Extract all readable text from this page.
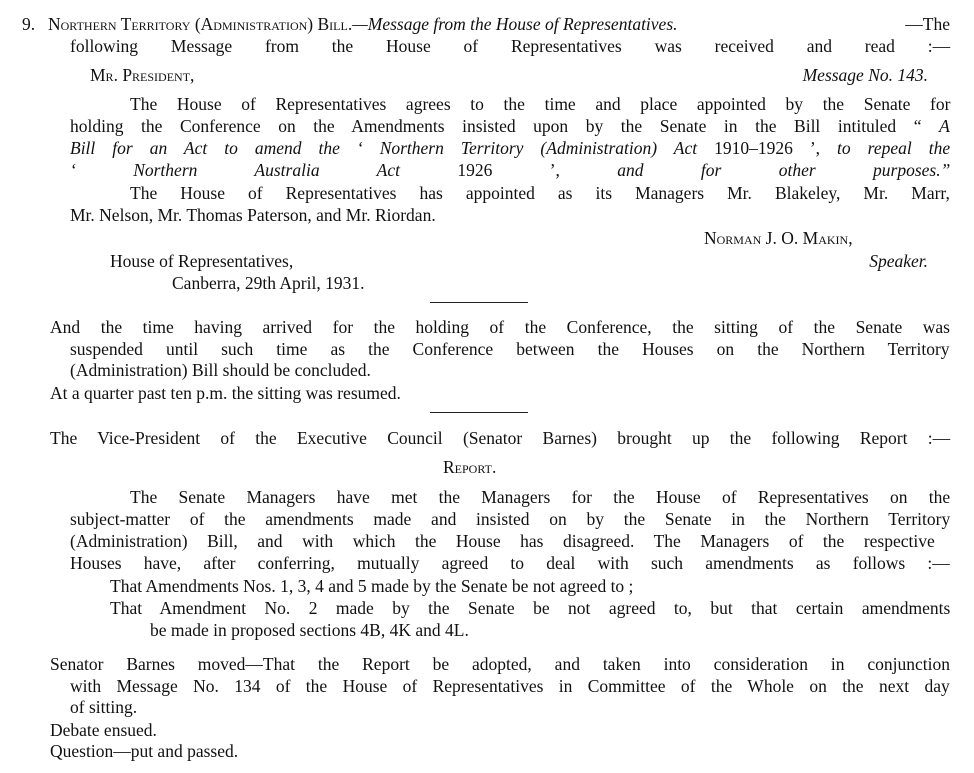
9. Northern Territory (Administration) Bill.—Message from the House of Representatives.	—The
following Message from the House of Representatives was received and read :—
Mr. President,	Message No. 143.
The House of Representatives agrees to the time and place appointed by the Senate for
holding the Conference on the Amendments insisted upon by the Senate in the Bill intituled “ A
Bill for an Act to amend the ‘ Northern Territory (Administration) Act 1910–1926 ’, to repeal the
‘ Northern Australia Act 1926 ’, and for other purposes.”
The House of Representatives has appointed as its Managers Mr. Blakeley, Mr. Marr,
Mr. Nelson, Mr. Thomas Paterson, and Mr. Riordan.
Norman J. O. Makin,
House of Representatives,	Speaker.
Canberra, 29th April, 1931.
And the time having arrived for the holding of the Conference, the sitting of the Senate was
suspended until such time as the Conference between the Houses on the Northern Territory
(Administration) Bill should be concluded.
At a quarter past ten p.m. the sitting was resumed.
The Vice-President of the Executive Council (Senator Barnes) brought up the following Report :—
Report.
The Senate Managers have met the Managers for the House of Representatives on the
subject-matter of the amendments made and insisted on by the Senate in the Northern Territory
(Administration) Bill, and with which the House has disagreed. The Managers of the respective
Houses have, after conferring, mutually agreed to deal with such amendments as follows :—
That Amendments Nos. 1, 3, 4 and 5 made by the Senate be not agreed to ;
That Amendment No. 2 made by the Senate be not agreed to, but that certain amendments
be made in proposed sections 4B, 4K and 4L.
Senator Barnes moved—That the Report be adopted, and taken into consideration in conjunction
with Message No. 134 of the House of Representatives in Committee of the Whole on the next day
of sitting.
Debate ensued.
Question—put and passed.
